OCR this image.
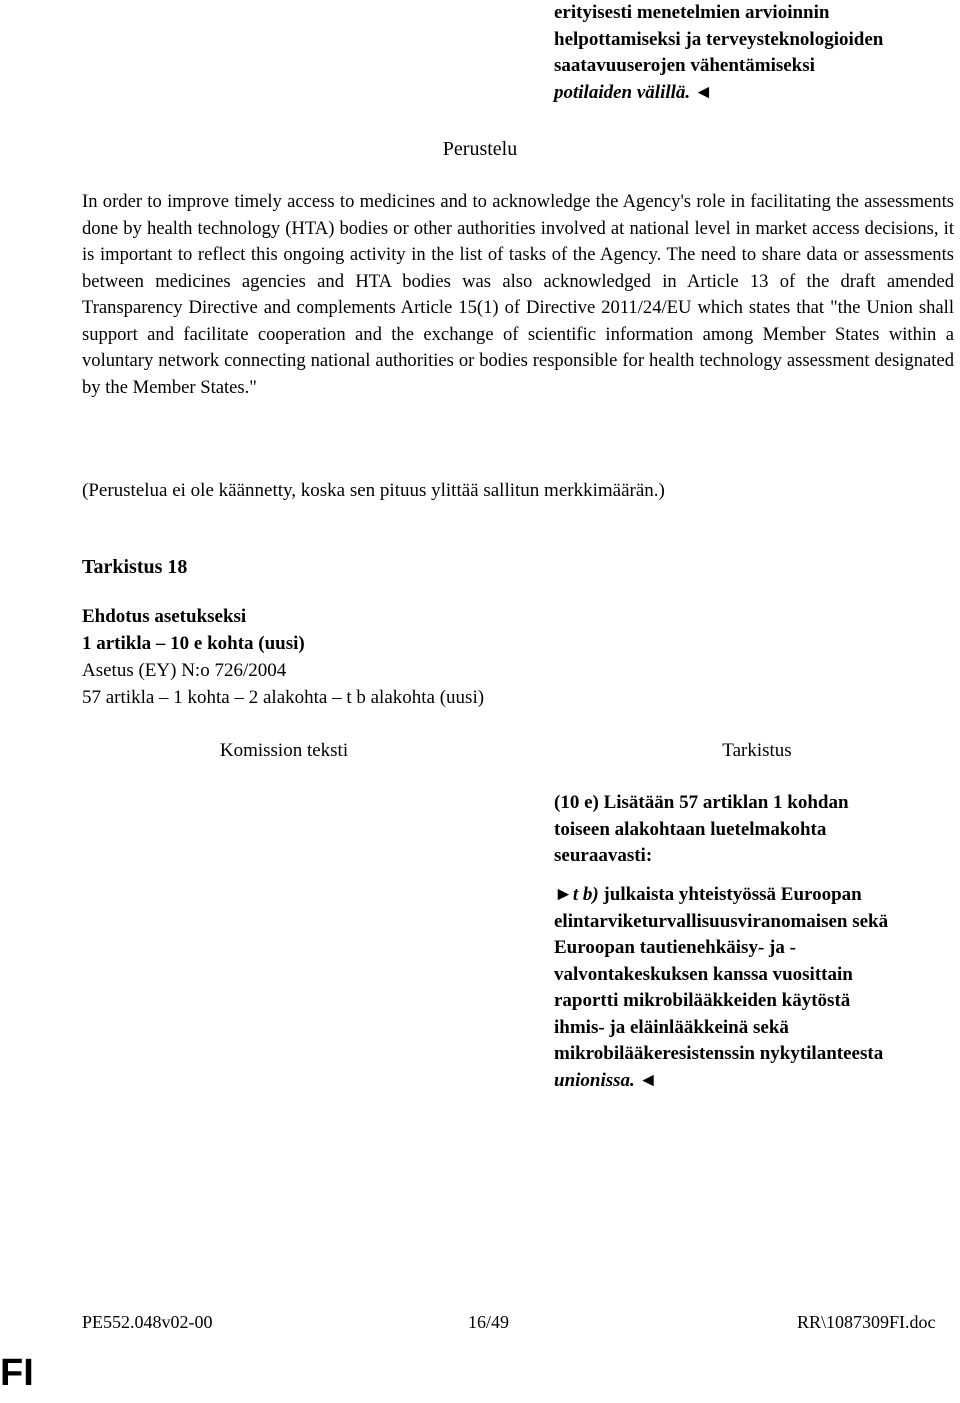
erityisesti menetelmien arvioinnin
helpottamiseksi ja terveysteknologioiden
saatavuuserojen vähentämiseksi
potilaiden välillä. ◄
Perustelu
In order to improve timely access to medicines and to acknowledge the Agency's role in facilitating the assessments done by health technology (HTA) bodies or other authorities involved at national level in market access decisions, it is important to reflect this ongoing activity in the list of tasks of the Agency. The need to share data or assessments between medicines agencies and HTA bodies was also acknowledged in Article 13 of the draft amended Transparency Directive and complements Article 15(1) of Directive 2011/24/EU which states that "the Union shall support and facilitate cooperation and the exchange of scientific information among Member States within a voluntary network connecting national authorities or bodies responsible for health technology assessment designated by the Member States."
(Perustelua ei ole käännetty, koska sen pituus ylittää sallitun merkkimäärän.)
Tarkistus 18
Ehdotus asetukseksi
1 artikla – 10 e kohta (uusi)
Asetus (EY) N:o 726/2004
57 artikla – 1 kohta – 2 alakohta – t b alakohta (uusi)
Komission teksti	Tarkistus
(10 e) Lisätään 57 artiklan 1 kohdan
toiseen alakohtaan luetelmakohta
seuraavasti:
►t b) julkaista yhteistyössä Euroopan
elintarviketurvallisuusviranomaisen sekä
Euroopan tautienehkäisy- ja -
valvontakeskuksen kanssa vuosittain
raportti mikrobilääkkeiden käytöstä
ihmis- ja eläinlääkkeinä sekä
mikrobilääkeresistenssin nykytilanteesta
unionissa. ◄
PE552.048v02-00	16/49	RR\1087309FI.doc
FI
